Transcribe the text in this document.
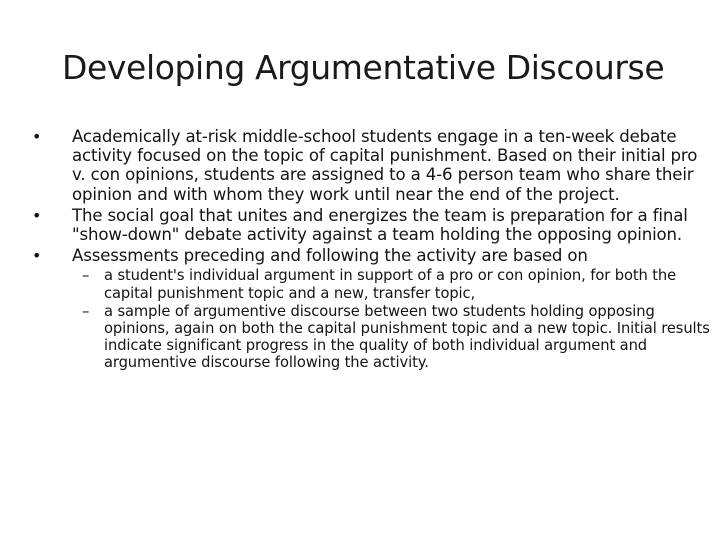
Developing Argumentative Discourse
•	Academically at-risk middle-school students engage in a ten-week debate activity focused on the topic of capital punishment. Based on their initial pro v. con opinions, students are assigned to a 4-6 person team who share their opinion and with whom they work until near the end of the project.
•	The social goal that unites and energizes the team is preparation for a final "show-down" debate activity against a team holding the opposing opinion.
•	Assessments preceding and following the activity are based on
–	a student's individual argument in support of a pro or con opinion, for both the capital punishment topic and a new, transfer topic,
–	a sample of argumentive discourse between two students holding opposing opinions, again on both the capital punishment topic and a new topic. Initial results indicate significant progress in the quality of both individual argument and argumentive discourse following the activity.
